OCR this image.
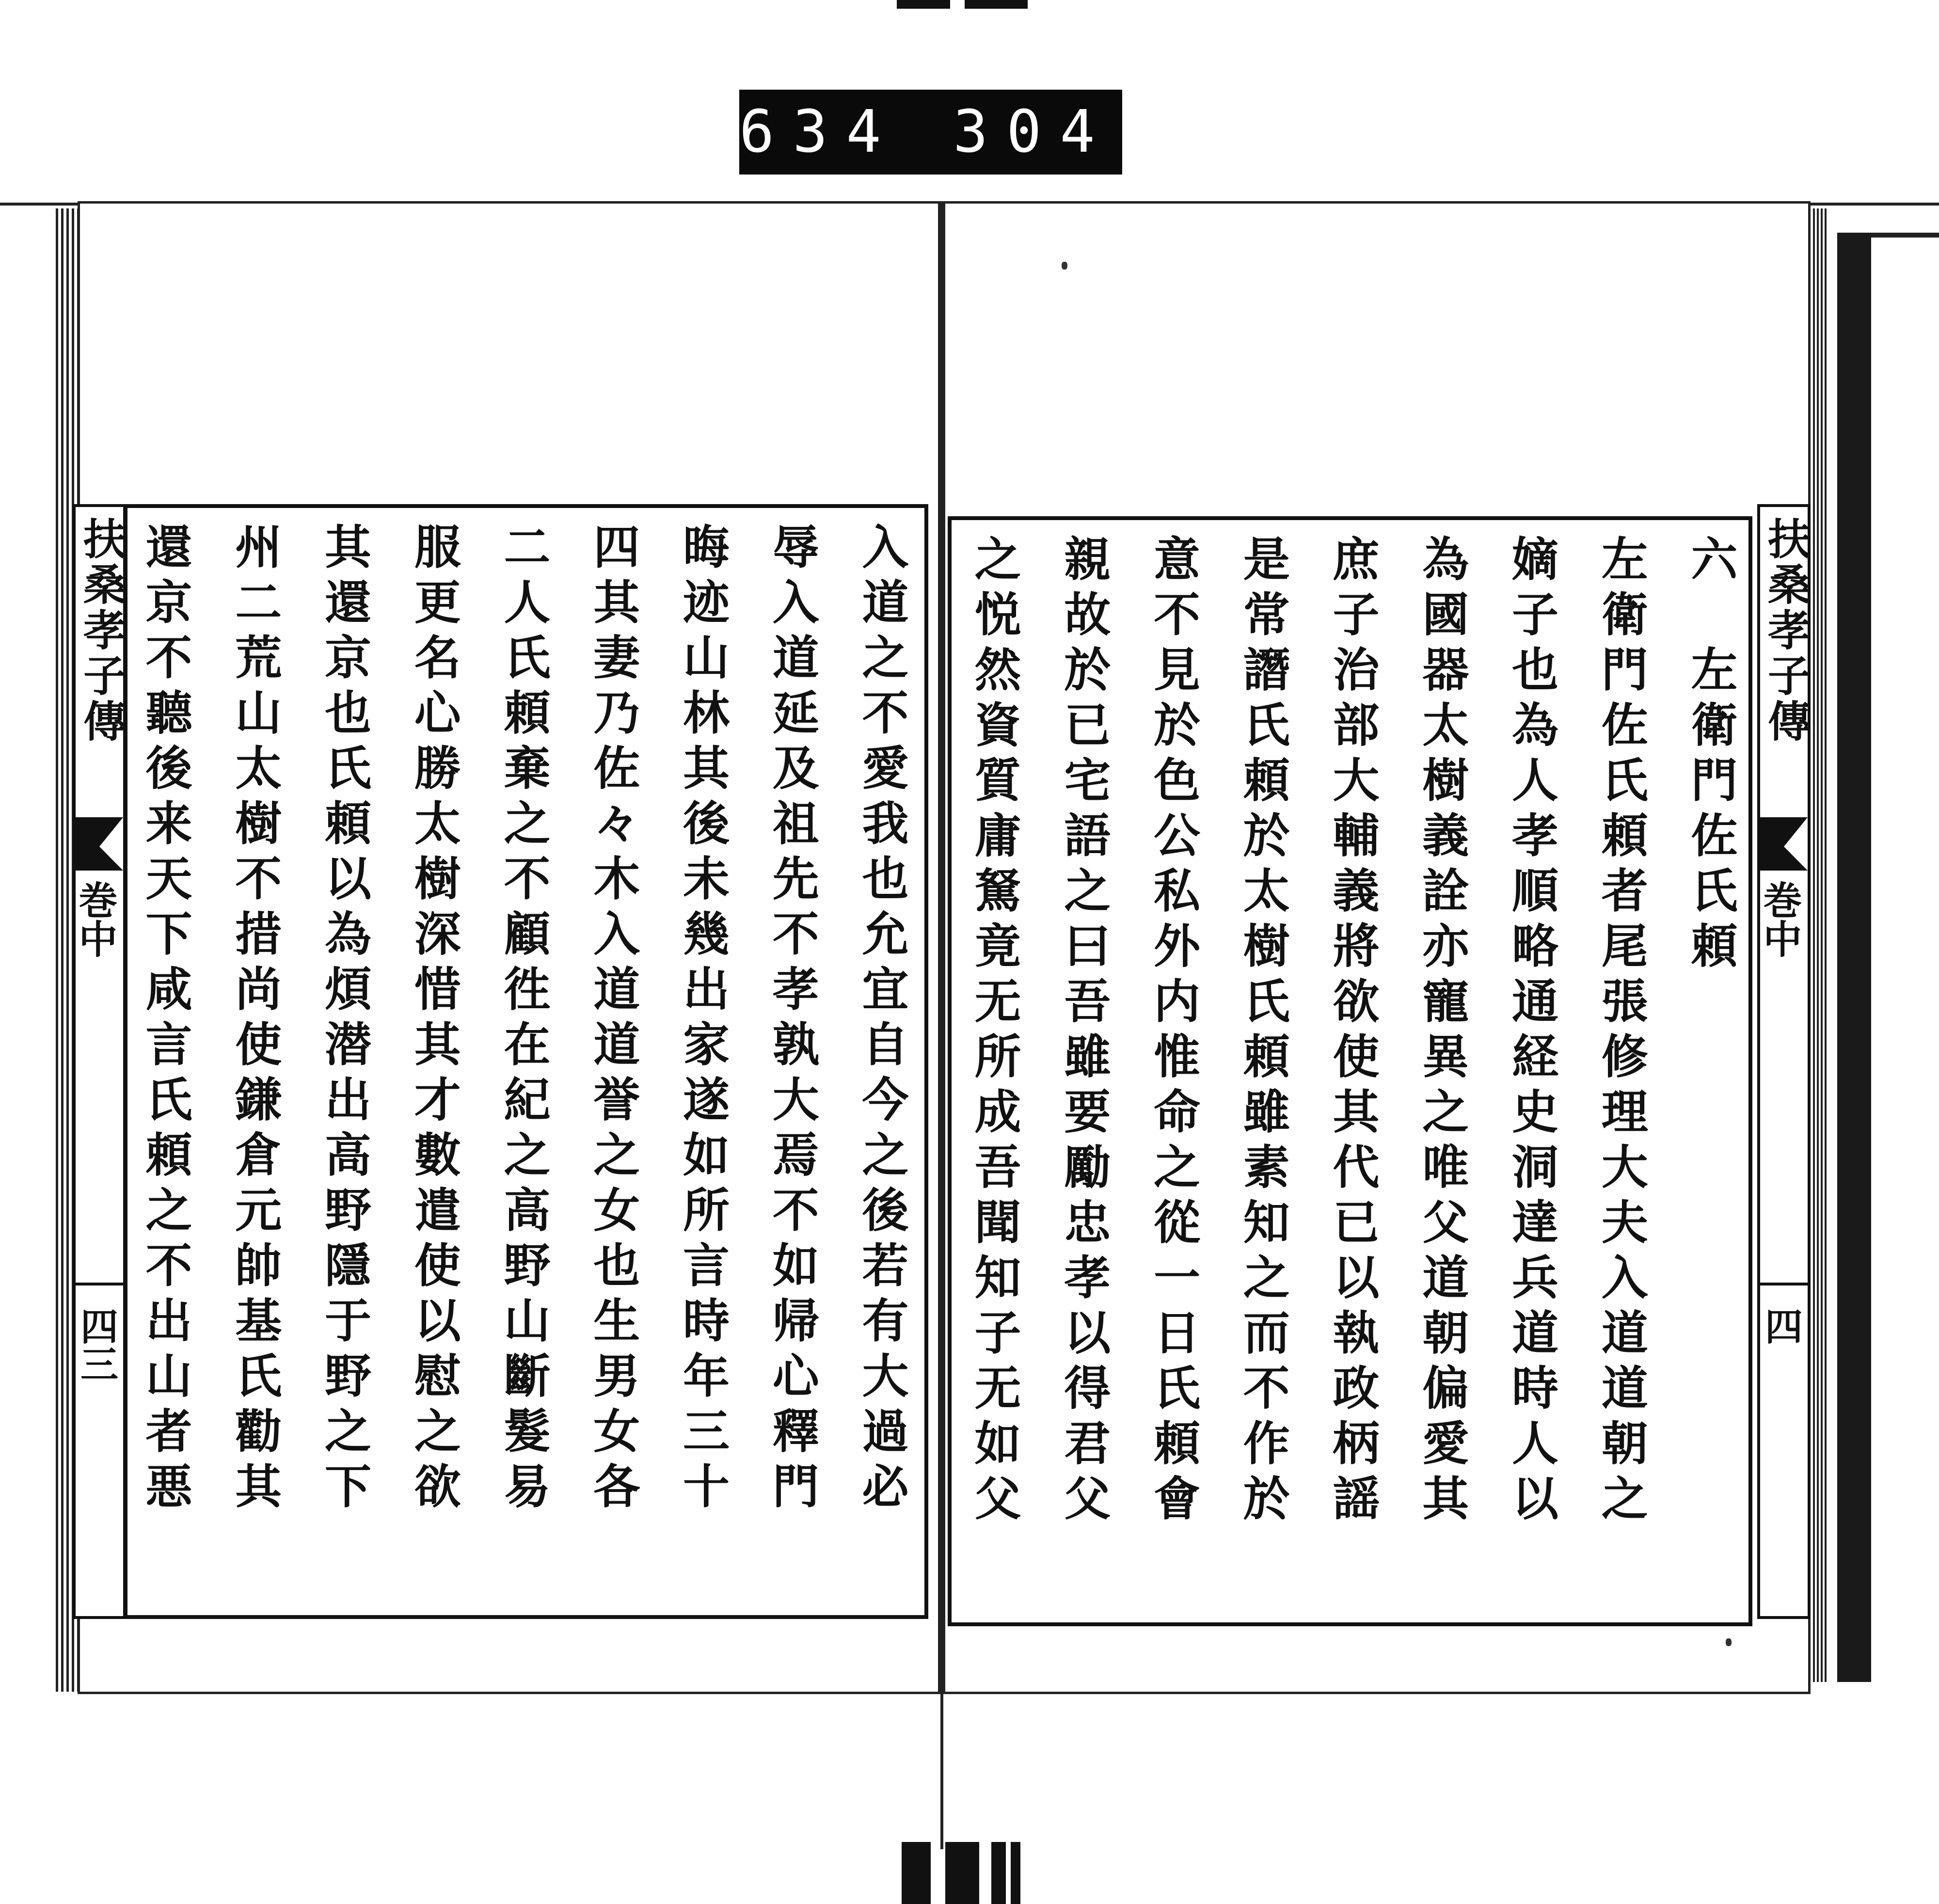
634 304.
扶桑孝子傳
巻中
四三
扶桑孝子傳
巻中
四
入道之不愛我也允宜自今之後若有大過必
辱入道延及祖先不孝孰大焉不如帰心釋門
晦迹山林其後未幾出家遂如所言時年三十
四其妻乃佐々木入道道誉之女也生男女各
二人氏頼棄之不顧徃在紀之高野山斷髮易
服更名心勝太樹深惜其才數遣使以慰之欲
其還京也氏頼以為煩潜出高野隱于野之下
州二荒山太樹不措尚使鎌倉元帥基氏勸其
還京不聽後来天下咸言氏頼之不出山者悪	六　左衛門佐氏頼
左衛門佐氏頼者尾張修理大夫入道道朝之
嫡子也為人孝順略通経史洞達兵道時人以
為國器太樹義詮亦寵異之唯父道朝偏愛其
庶子治部大輔義將欲使其代已以執政柄謡
是常譖氏頼於太樹氏頼雖素知之而不作於
意不見於色公私外内惟命之從一日氏頼會
親故於已宅語之曰吾雖要勵忠孝以得君父
之悦然資質庸駑竟无所成吾聞知子无如父
